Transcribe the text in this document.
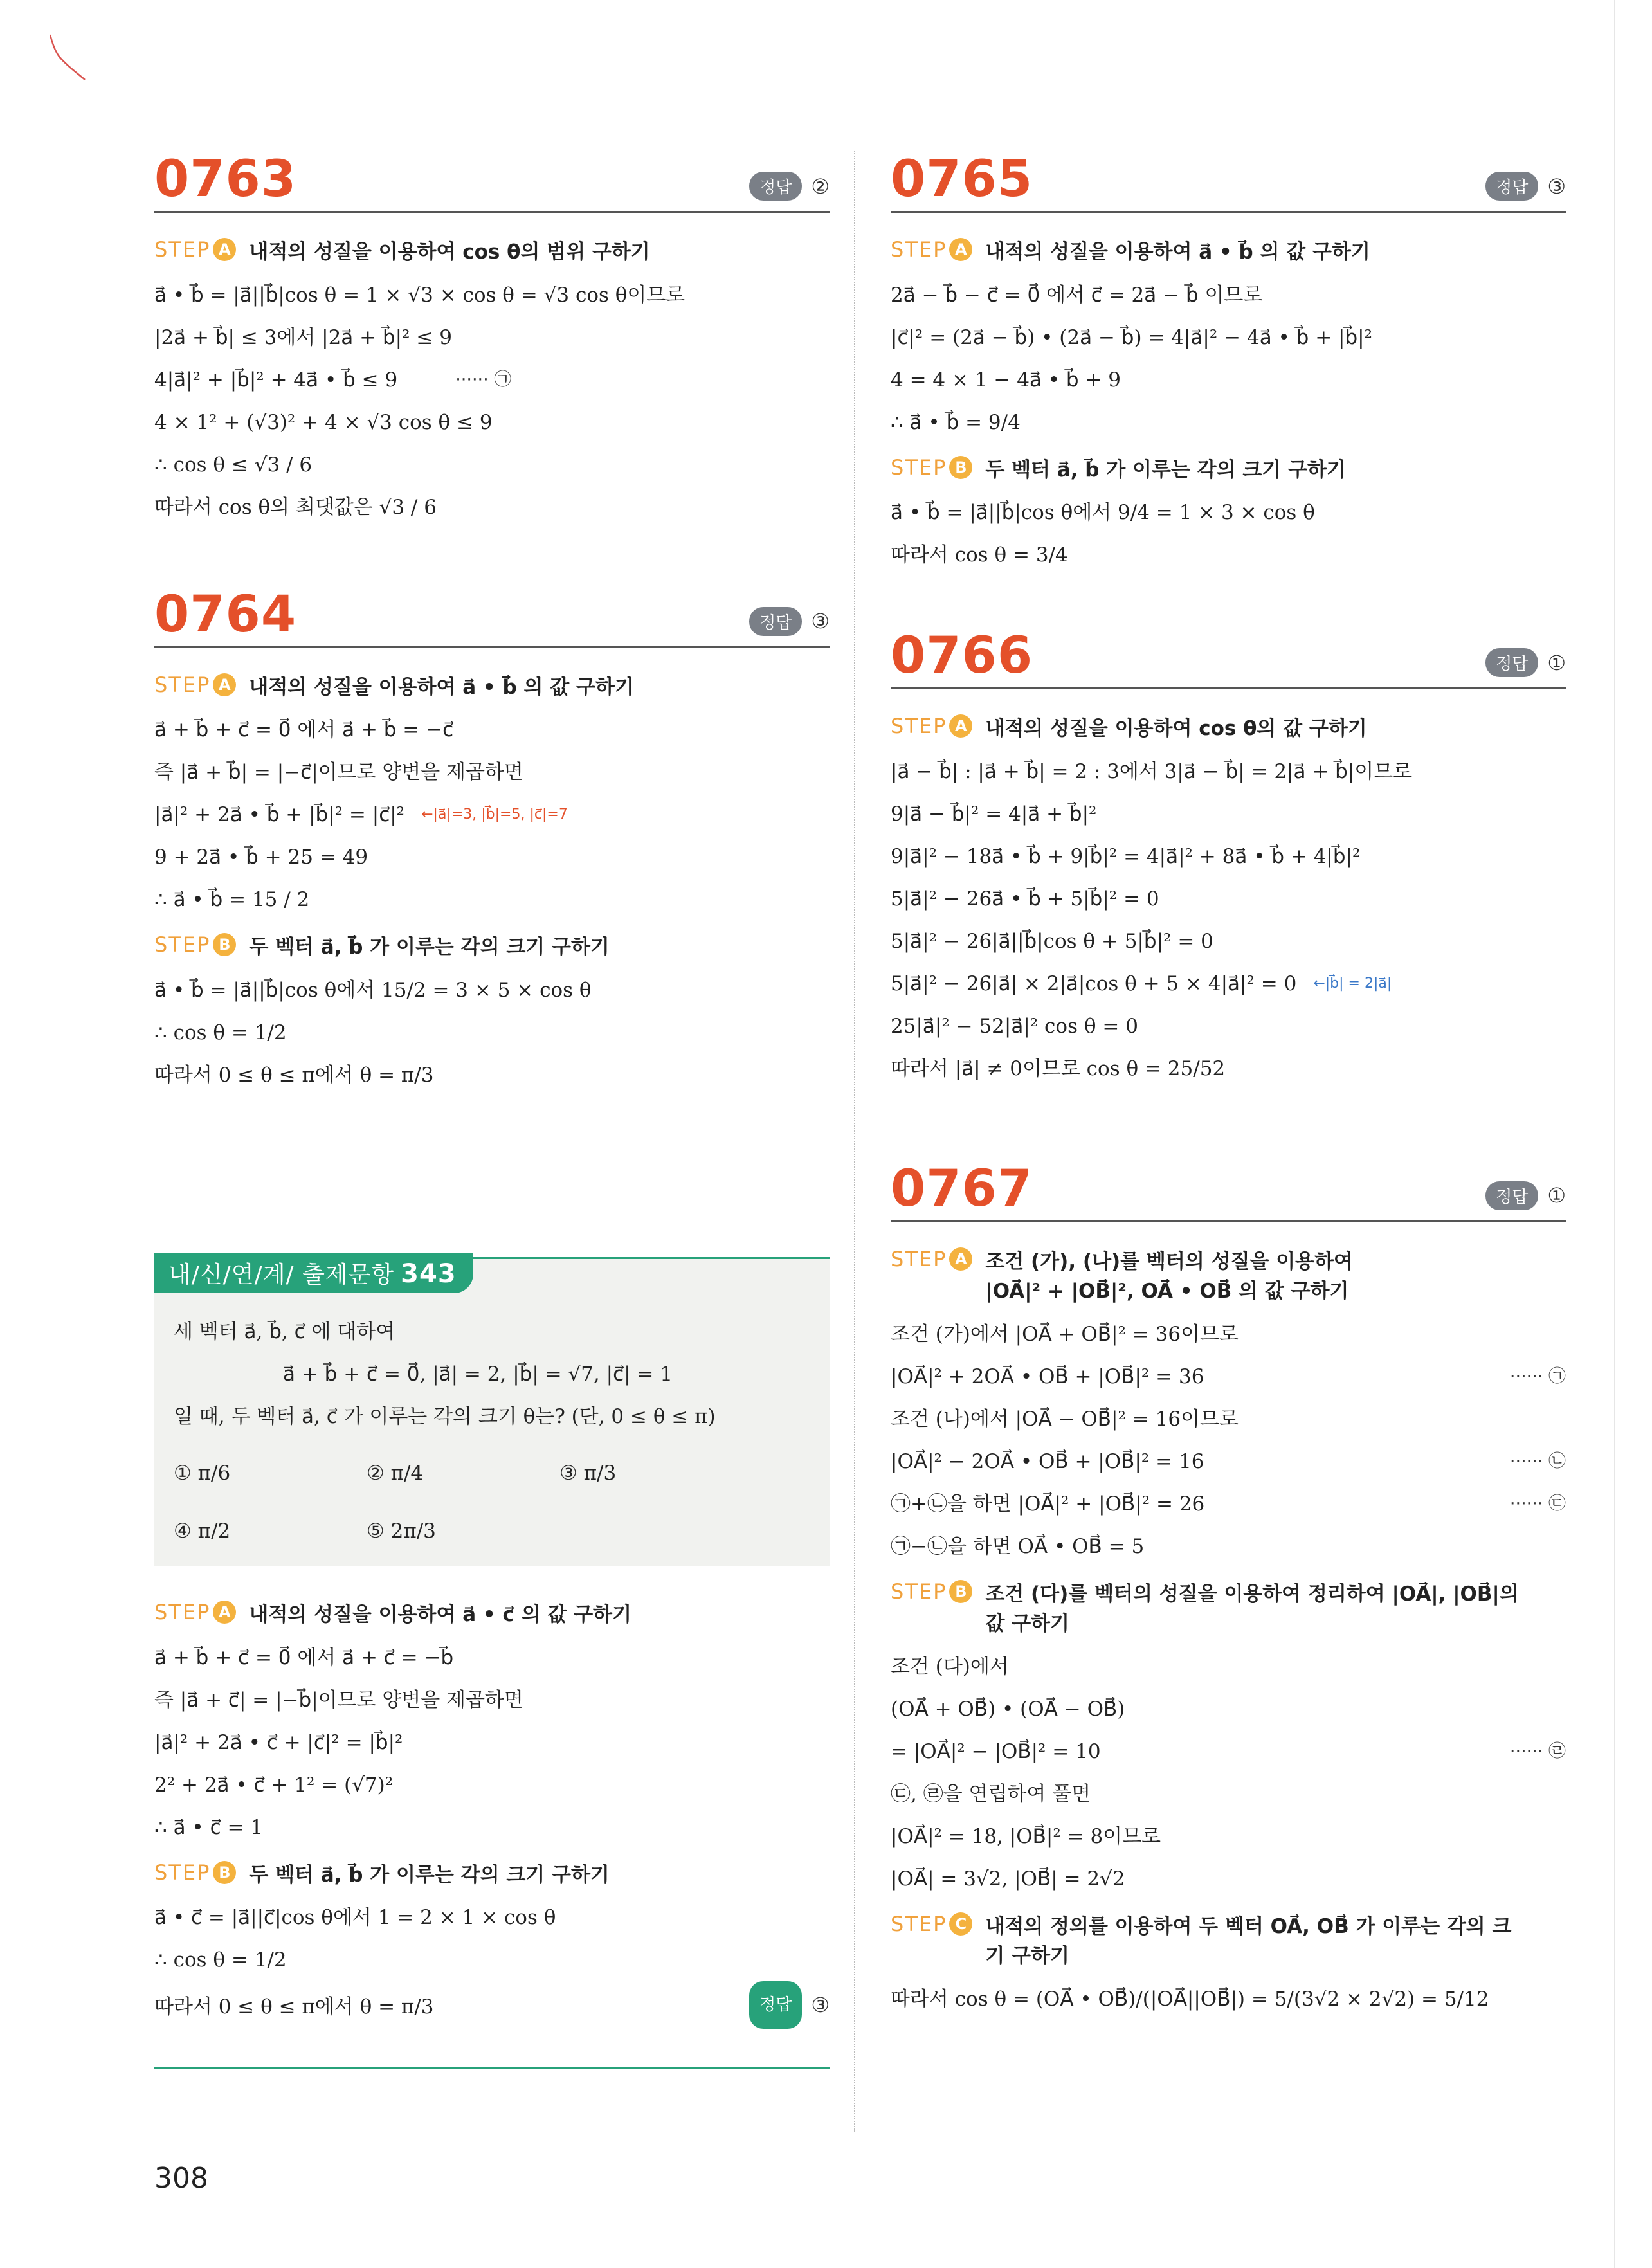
0763	정답 ②
STEP A 내적의 성질을 이용하여 cos θ의 범위 구하기
a⃗ • b⃗ = |a⃗||b⃗|cos θ = 1 × √3 × cos θ = √3 cos θ이므로
|2a⃗ + b⃗| ≤ 3에서 |2a⃗ + b⃗|² ≤ 9
4|a⃗|² + |b⃗|² + 4a⃗ • b⃗ ≤ 9	······ ㉠
4 × 1² + (√3)² + 4 × √3 cos θ ≤ 9
∴ cos θ ≤ √3 / 6
따라서 cos θ의 최댓값은 √3 / 6
0764	정답 ③
STEP A 내적의 성질을 이용하여 a⃗ • b⃗ 의 값 구하기
a⃗ + b⃗ + c⃗ = 0⃗ 에서 a⃗ + b⃗ = −c⃗
즉 |a⃗ + b⃗| = |−c⃗|이므로 양변을 제곱하면
|a⃗|² + 2a⃗ • b⃗ + |b⃗|² = |c⃗|² ←|a⃗|=3, |b⃗|=5, |c⃗|=7
9 + 2a⃗ • b⃗ + 25 = 49
∴ a⃗ • b⃗ = 15 / 2
STEP B 두 벡터 a⃗, b⃗ 가 이루는 각의 크기 구하기
a⃗ • b⃗ = |a⃗||b⃗|cos θ에서 15/2 = 3 × 5 × cos θ
∴ cos θ = 1/2
따라서 0 ≤ θ ≤ π에서 θ = π/3
내/신/연/계/ 출제문항 343
세 벡터 a⃗, b⃗, c⃗ 에 대하여
a⃗ + b⃗ + c⃗ = 0⃗, |a⃗| = 2, |b⃗| = √7, |c⃗| = 1
일 때, 두 벡터 a⃗, c⃗ 가 이루는 각의 크기 θ는? (단, 0 ≤ θ ≤ π)
① π/6	② π/4	③ π/3
④ π/2	⑤ 2π/3
STEP A 내적의 성질을 이용하여 a⃗ • c⃗ 의 값 구하기
a⃗ + b⃗ + c⃗ = 0⃗ 에서 a⃗ + c⃗ = −b⃗
즉 |a⃗ + c⃗| = |−b⃗|이므로 양변을 제곱하면
|a⃗|² + 2a⃗ • c⃗ + |c⃗|² = |b⃗|²
2² + 2a⃗ • c⃗ + 1² = (√7)²
∴ a⃗ • c⃗ = 1
STEP B 두 벡터 a⃗, b⃗ 가 이루는 각의 크기 구하기
a⃗ • c⃗ = |a⃗||c⃗|cos θ에서 1 = 2 × 1 × cos θ
∴ cos θ = 1/2
따라서 0 ≤ θ ≤ π에서 θ = π/3	정답 ③
0765	정답 ③
STEP A 내적의 성질을 이용하여 a⃗ • b⃗ 의 값 구하기
2a⃗ − b⃗ − c⃗ = 0⃗ 에서 c⃗ = 2a⃗ − b⃗ 이므로
|c⃗|² = (2a⃗ − b⃗) • (2a⃗ − b⃗) = 4|a⃗|² − 4a⃗ • b⃗ + |b⃗|²
4 = 4 × 1 − 4a⃗ • b⃗ + 9
∴ a⃗ • b⃗ = 9/4
STEP B 두 벡터 a⃗, b⃗ 가 이루는 각의 크기 구하기
a⃗ • b⃗ = |a⃗||b⃗|cos θ에서 9/4 = 1 × 3 × cos θ
따라서 cos θ = 3/4
0766	정답 ①
STEP A 내적의 성질을 이용하여 cos θ의 값 구하기
|a⃗ − b⃗| : |a⃗ + b⃗| = 2 : 3에서 3|a⃗ − b⃗| = 2|a⃗ + b⃗|이므로
9|a⃗ − b⃗|² = 4|a⃗ + b⃗|²
9|a⃗|² − 18a⃗ • b⃗ + 9|b⃗|² = 4|a⃗|² + 8a⃗ • b⃗ + 4|b⃗|²
5|a⃗|² − 26a⃗ • b⃗ + 5|b⃗|² = 0
5|a⃗|² − 26|a⃗||b⃗|cos θ + 5|b⃗|² = 0
5|a⃗|² − 26|a⃗| × 2|a⃗|cos θ + 5 × 4|a⃗|² = 0 ←|b⃗| = 2|a⃗|
25|a⃗|² − 52|a⃗|² cos θ = 0
따라서 |a⃗| ≠ 0이므로 cos θ = 25/52
0767	정답 ①
STEP A 조건 (가), (나)를 벡터의 성질을 이용하여 |OA⃗|² + |OB⃗|², OA⃗ • OB⃗ 의 값 구하기
조건 (가)에서 |OA⃗ + OB⃗|² = 36이므로
|OA⃗|² + 2OA⃗ • OB⃗ + |OB⃗|² = 36	······ ㉠
조건 (나)에서 |OA⃗ − OB⃗|² = 16이므로
|OA⃗|² − 2OA⃗ • OB⃗ + |OB⃗|² = 16	······ ㉡
㉠+㉡을 하면 |OA⃗|² + |OB⃗|² = 26	······ ㉢
㉠−㉡을 하면 OA⃗ • OB⃗ = 5
STEP B 조건 (다)를 벡터의 성질을 이용하여 정리하여 |OA⃗|, |OB⃗|의 값 구하기
조건 (다)에서
(OA⃗ + OB⃗) • (OA⃗ − OB⃗)
= |OA⃗|² − |OB⃗|² = 10	······ ㉣
㉢, ㉣을 연립하여 풀면
|OA⃗|² = 18, |OB⃗|² = 8이므로
|OA⃗| = 3√2, |OB⃗| = 2√2
STEP C 내적의 정의를 이용하여 두 벡터 OA⃗, OB⃗ 가 이루는 각의 크기 구하기
따라서 cos θ = (OA⃗ • OB⃗)/(|OA⃗||OB⃗|) = 5/(3√2 × 2√2) = 5/12
308
